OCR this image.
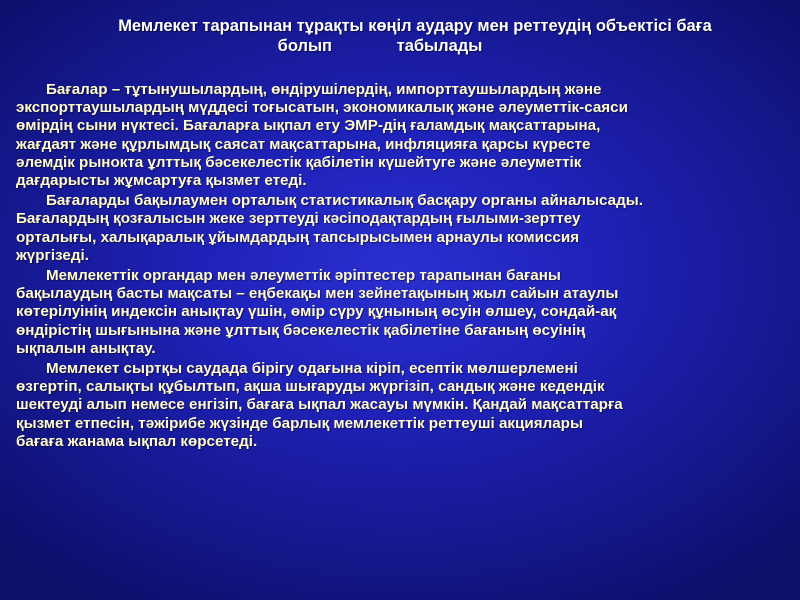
Мемлекет тарапынан тұрақты көңіл аудару мен реттеудің объектісі баға
болып табылады

Бағалар – тұтынушылардың, өндірушілердің, импорттаушылардың және
экспорттаушылардың мүддесі тоғысатын, экономикалық және әлеуметтік-саяси
өмірдің сыни нүктесі. Бағаларға ықпал ету ЭМР-дің ғаламдық мақсаттарына,
жағдаят және құрлымдық саясат мақсаттарына, инфляцияға қарсы күресте
әлемдік рынокта ұлттық бәсекелестік қабілетін күшейтуге және әлеуметтік
дағдарысты жұмсартуға қызмет етеді.

Бағаларды бақылаумен орталық статистикалық басқару органы айналысады.
Бағалардың қозғалысын жеке зерттеуді кәсіподақтардың ғылыми-зерттеу
орталығы, халықаралық ұйымдардың тапсырысымен арнаулы комиссия
жүргізеді.

Мемлекеттік органдар мен әлеуметтік әріптестер тарапынан бағаны
бақылаудың басты мақсаты – еңбекақы мен зейнетақының жыл сайын атаулы
көтерілуінің индексін анықтау үшін, өмір сүру құнының өсуін өлшеу, сондай-ақ
өндірістің шығынына және ұлттық бәсекелестік қабілетіне бағаның өсуінің
ықпалын анықтау.

Мемлекет сыртқы саудада бірігу одағына кіріп, есептік мөлшерлемені
өзгертіп, салықты құбылтып, ақша шығаруды жүргізіп, сандық және кедендік
шектеуді алып немесе енгізіп, бағаға ықпал жасауы мүмкін. Қандай мақсаттарға
қызмет етпесін, тәжірибе жүзінде барлық мемлекеттік реттеуші акциялары
бағаға жанама ықпал көрсетеді.
